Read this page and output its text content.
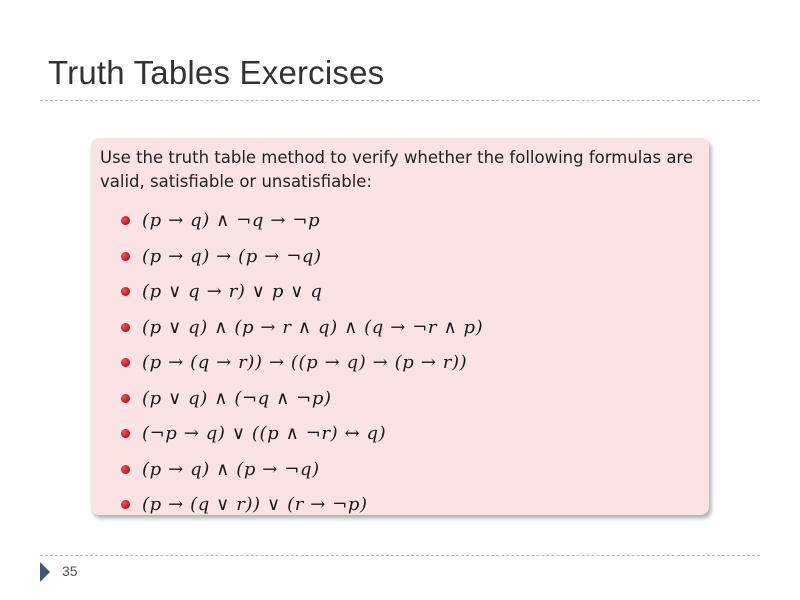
Truth Tables Exercises

Use the truth table method to verify whether the following formulas are valid, satisfiable or unsatisfiable:

(p → q) ∧ ¬q → ¬p
(p → q) → (p → ¬q)
(p ∨ q → r) ∨ p ∨ q
(p ∨ q) ∧ (p → r ∧ q) ∧ (q → ¬r ∧ p)
(p → (q → r)) → ((p → q) → (p → r))
(p ∨ q) ∧ (¬q ∧ ¬p)
(¬p → q) ∨ ((p ∧ ¬r) ↔ q)
(p → q) ∧ (p → ¬q)
(p → (q ∨ r)) ∨ (r → ¬p)
35
